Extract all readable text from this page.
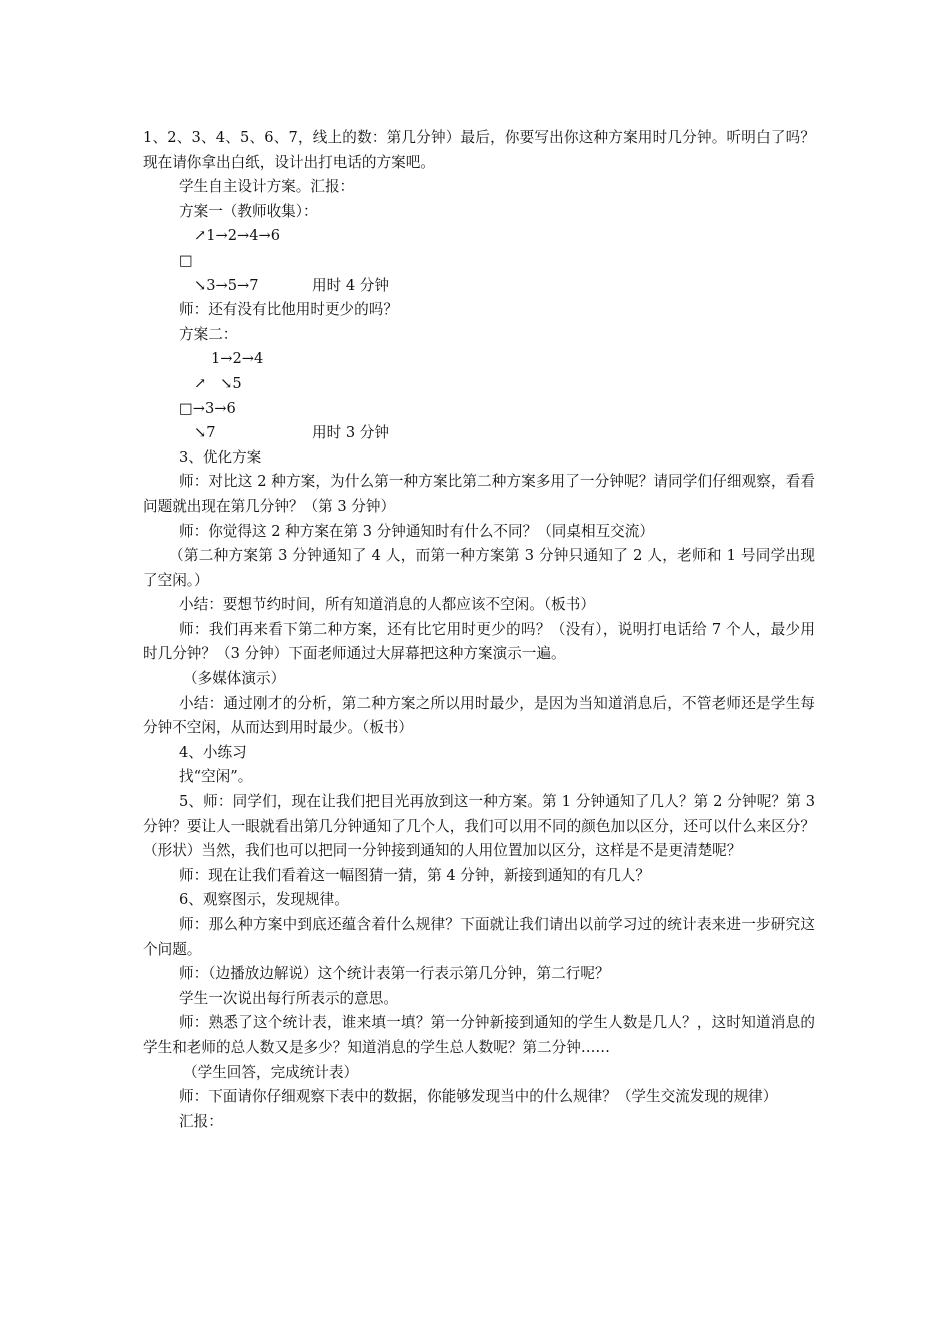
1、2、3、4、5、6、7，线上的数：第几分钟）最后，你要写出你这种方案用时几分钟。听明白了吗？现在请你拿出白纸，设计出打电话的方案吧。

学生自主设计方案。汇报：

方案一（教师收集）：

↗1→2→4→6

□

↘3→5→7	用时 4 分钟

师：还有没有比他用时更少的吗？

方案二：

1→2→4

↗   ↘5

□→3→6

↘7	用时 3 分钟

3、优化方案

师：对比这 2 种方案，为什么第一种方案比第二种方案多用了一分钟呢？请同学们仔细观察，看看问题就出现在第几分钟？（第 3 分钟）

师：你觉得这 2 种方案在第 3 分钟通知时有什么不同？（同桌相互交流）

（第二种方案第 3 分钟通知了 4 人，而第一种方案第 3 分钟只通知了 2 人，老师和 1 号同学出现了空闲。）

小结：要想节约时间，所有知道消息的人都应该不空闲。（板书）

师：我们再来看下第二种方案，还有比它用时更少的吗？（没有），说明打电话给 7 个人，最少用时几分钟？（3 分钟）下面老师通过大屏幕把这种方案演示一遍。

（多媒体演示）

小结：通过刚才的分析，第二种方案之所以用时最少，是因为当知道消息后，不管老师还是学生每分钟不空闲，从而达到用时最少。（板书）

4、小练习

找“空闲”。

5、师：同学们，现在让我们把目光再放到这一种方案。第 1 分钟通知了几人？第 2 分钟呢？第 3 分钟？要让人一眼就看出第几分钟通知了几个人，我们可以用不同的颜色加以区分，还可以什么来区分？（形状）当然，我们也可以把同一分钟接到通知的人用位置加以区分，这样是不是更清楚呢？

师：现在让我们看着这一幅图猜一猜，第 4 分钟，新接到通知的有几人？

6、观察图示，发现规律。

师：那么种方案中到底还蕴含着什么规律？下面就让我们请出以前学习过的统计表来进一步研究这个问题。

师：（边播放边解说）这个统计表第一行表示第几分钟，第二行呢？

学生一次说出每行所表示的意思。

师：熟悉了这个统计表，谁来填一填？第一分钟新接到通知的学生人数是几人？，这时知道消息的学生和老师的总人数又是多少？知道消息的学生总人数呢？第二分钟……

（学生回答，完成统计表）

师：下面请你仔细观察下表中的数据，你能够发现当中的什么规律？（学生交流发现的规律）

汇报：
